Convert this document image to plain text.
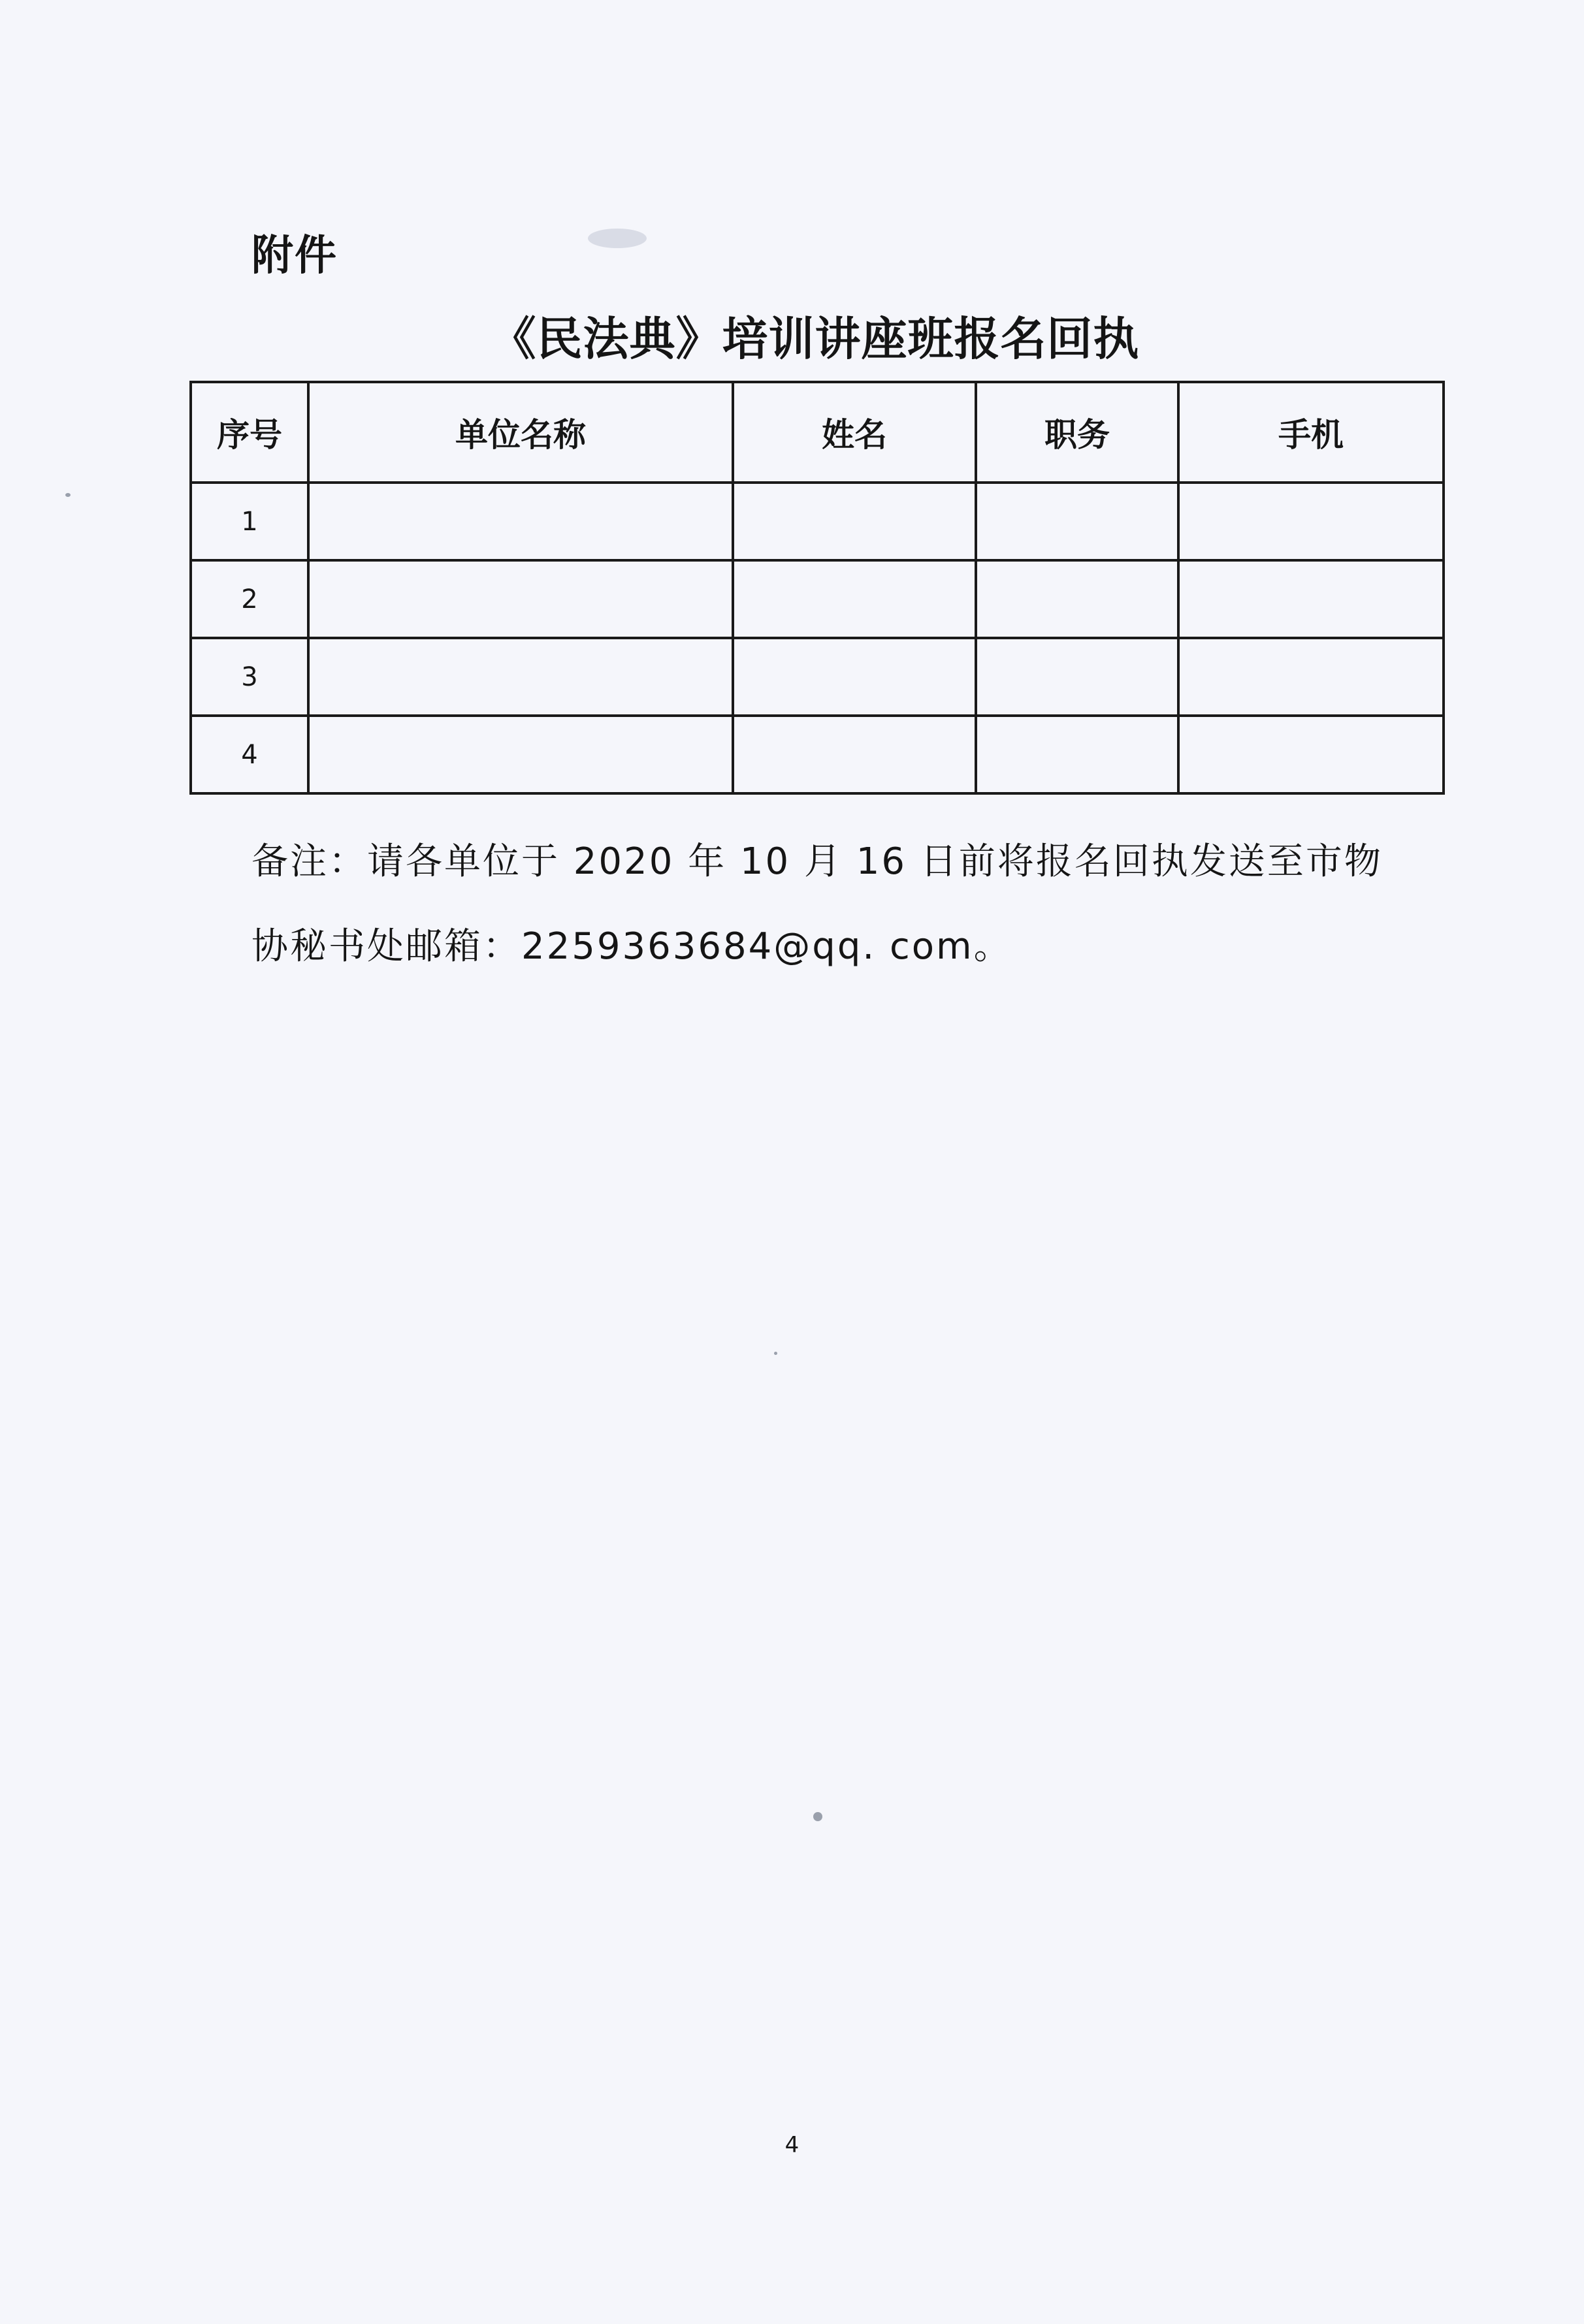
附件

《民法典》培训讲座班报名回执
序号	单位名称	姓名	职务	手机
1				
2				
3				
4				
备注：请各单位于 2020 年 10 月 16 日前将报名回执发送至市物
协秘书处邮箱：2259363684@qq. com。

4
